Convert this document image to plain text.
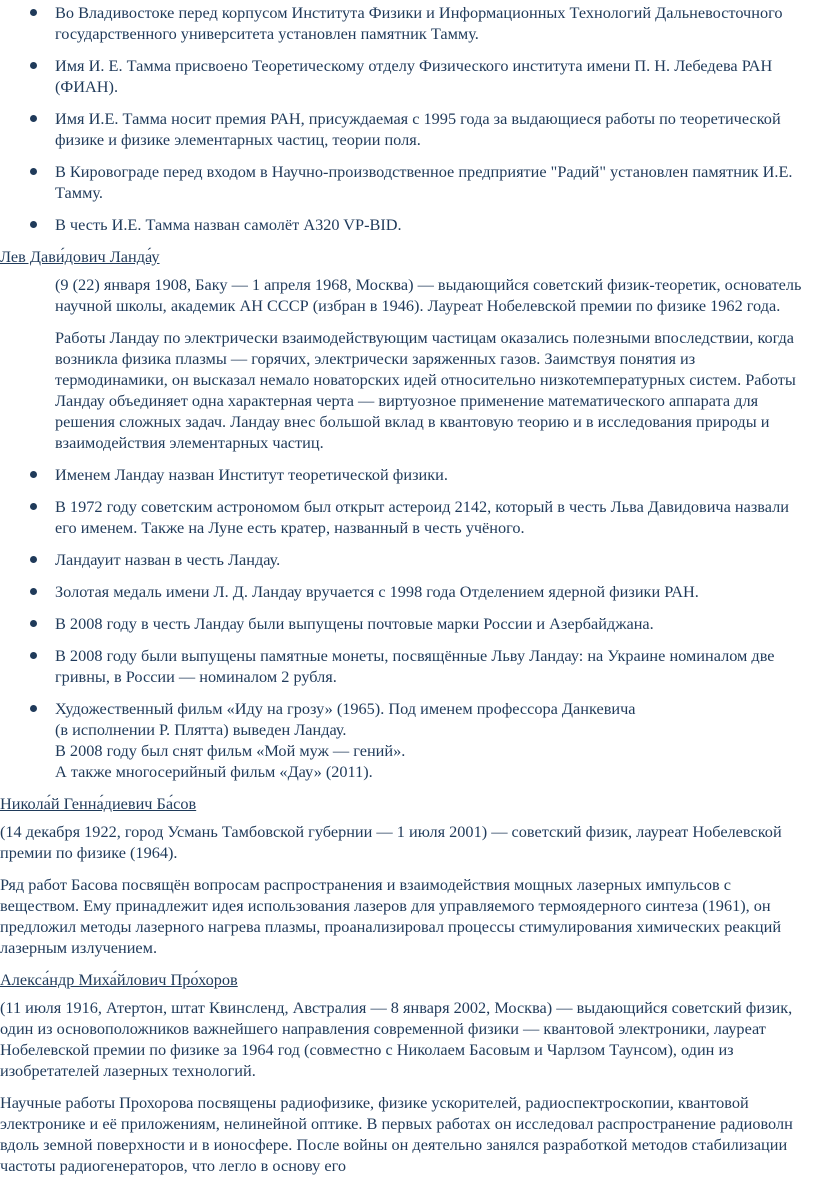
Во Владивостоке перед корпусом Института Физики и Информационных Технологий Дальневосточного государственного университета установлен памятник Тамму.
Имя И. Е. Тамма присвоено Теоретическому отделу Физического института имени П. Н. Лебедева РАН (ФИАН).
Имя И.Е. Тамма носит премия РАН, присуждаемая с 1995 года за выдающиеся работы по теоретической физике и физике элементарных частиц, теории поля.
В Кировограде перед входом в Научно-производственное предприятие "Радий" установлен памятник И.Е. Тамму.
В честь И.Е. Тамма назван самолёт A320 VP-BID.
Лев Дави́дович Ланда́у

(9 (22) января 1908, Баку — 1 апреля 1968, Москва) — выдающийся советский физик-теоретик, основатель научной школы, академик АН СССР (избран в 1946). Лауреат Нобелевской премии по физике 1962 года.

Работы Ландау по электрически взаимодействующим частицам оказались полезными впоследствии, когда возникла физика плазмы — горячих, электрически заряженных газов. Заимствуя понятия из термодинамики, он высказал немало новаторских идей относительно низкотемпературных систем. Работы Ландау объединяет одна характерная черта — виртуозное применение математического аппарата для решения сложных задач. Ландау внес большой вклад в квантовую теорию и в исследования природы и взаимодействия элементарных частиц.

Именем Ландау назван Институт теоретической физики.
В 1972 году советским астрономом был открыт астероид 2142, который в честь Льва Давидовича назвали его именем. Также на Луне есть кратер, названный в честь учёного.
Ландауит назван в честь Ландау.
Золотая медаль имени Л. Д. Ландау вручается с 1998 года Отделением ядерной физики РАН.
В 2008 году в честь Ландау были выпущены почтовые марки России и Азербайджана.
В 2008 году были выпущены памятные монеты, посвящённые Льву Ландау: на Украине номиналом две гривны, в России — номиналом 2 рубля.
Художественный фильм «Иду на грозу» (1965). Под именем профессора Данкевича
(в исполнении Р. Плятта) выведен Ландау.
В 2008 году был снят фильм «Мой муж — гений».
А также многосерийный фильм «Дау» (2011).
Никола́й Генна́диевич Ба́сов

(14 декабря 1922, город Усмань Тамбовской губернии — 1 июля 2001) — советский физик, лауреат Нобелевской премии по физике (1964).

Ряд работ Басова посвящён вопросам распространения и взаимодействия мощных лазерных импульсов с веществом. Ему принадлежит идея использования лазеров для управляемого термоядерного синтеза (1961), он предложил методы лазерного нагрева плазмы, проанализировал процессы стимулирования химических реакций лазерным излучением.

Алекса́ндр Миха́йлович Про́хоров

(11 июля 1916, Атертон, штат Квинсленд, Австралия — 8 января 2002, Москва) — выдающийся советский физик, один из основоположников важнейшего направления современной физики — квантовой электроники, лауреат Нобелевской премии по физике за 1964 год (совместно с Николаем Басовым и Чарлзом Таунсом), один из изобретателей лазерных технологий.

Научные работы Прохорова посвящены радиофизике, физике ускорителей, радиоспектроскопии, квантовой электронике и её приложениям, нелинейной оптике. В первых работах он исследовал распространение радиоволн вдоль земной поверхности и в ионосфере. После войны он деятельно занялся разработкой методов стабилизации частоты радиогенераторов, что легло в основу его
